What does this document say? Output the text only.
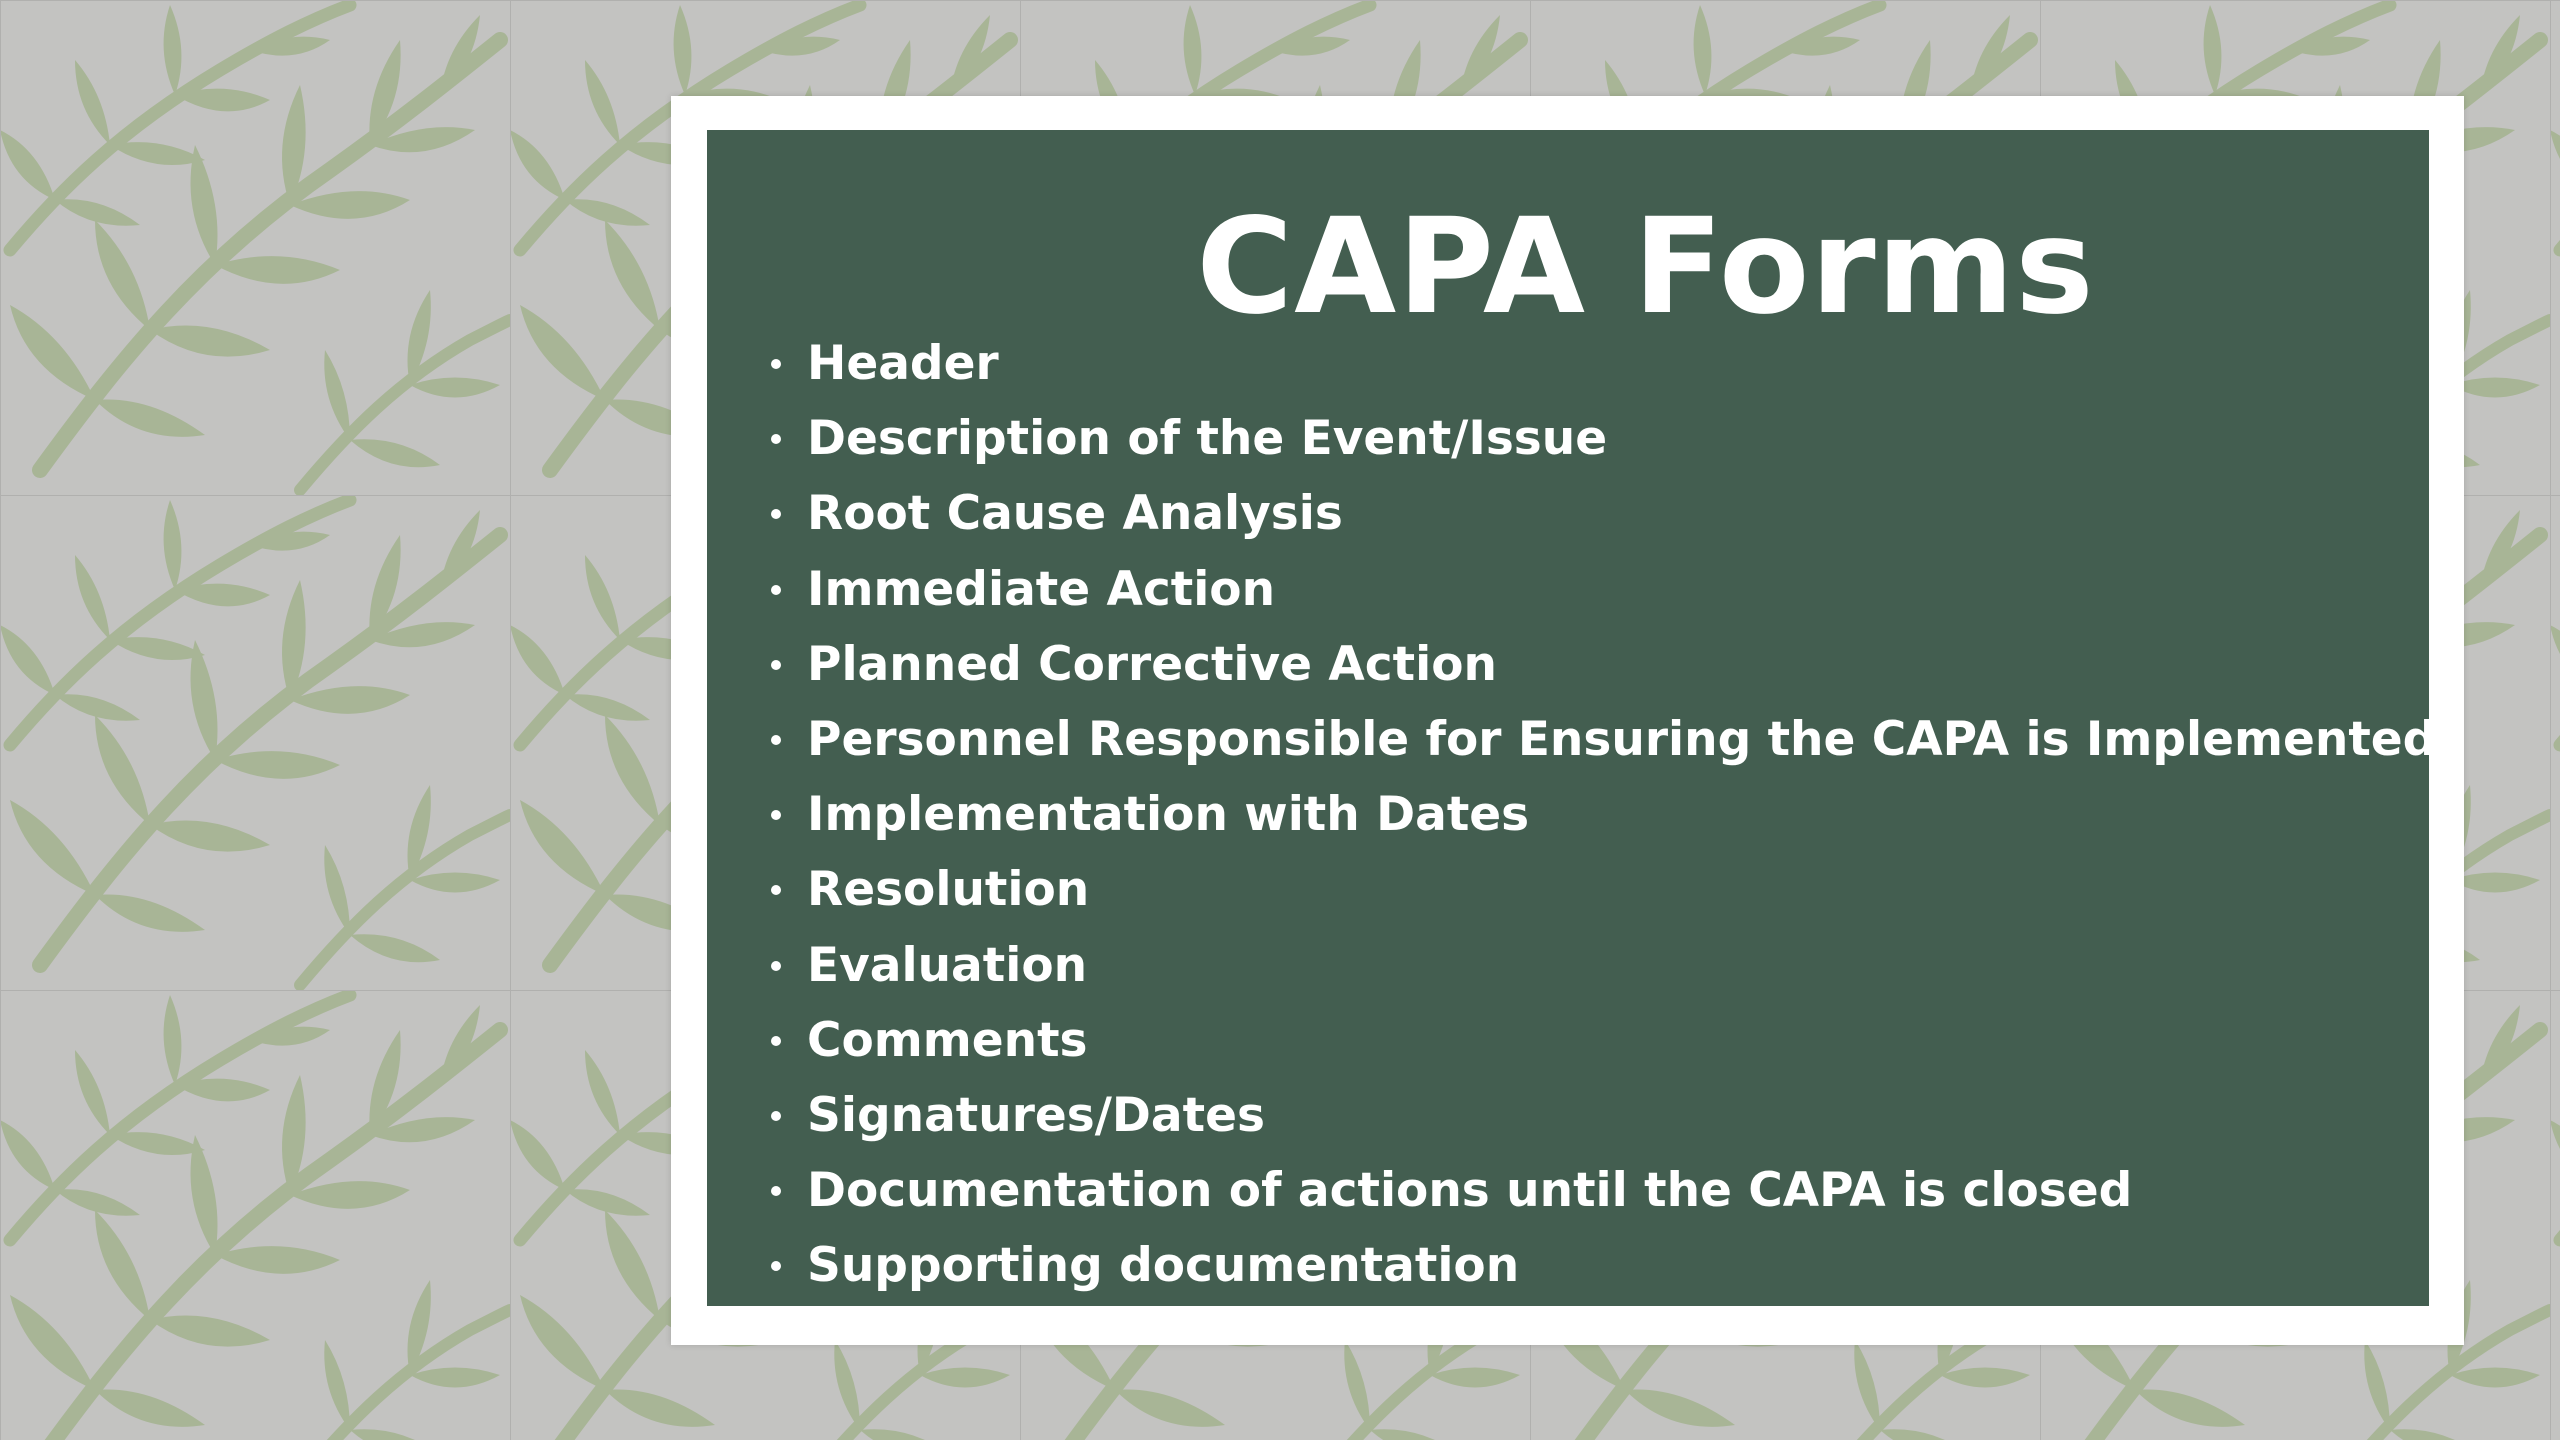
CAPA Forms
Header
Description of the Event/Issue
Root Cause Analysis
Immediate Action
Planned Corrective Action
Personnel Responsible for Ensuring the CAPA is Implemented
Implementation with Dates
Resolution
Evaluation
Comments
Signatures/Dates
Documentation of actions until the CAPA is closed
Supporting documentation
